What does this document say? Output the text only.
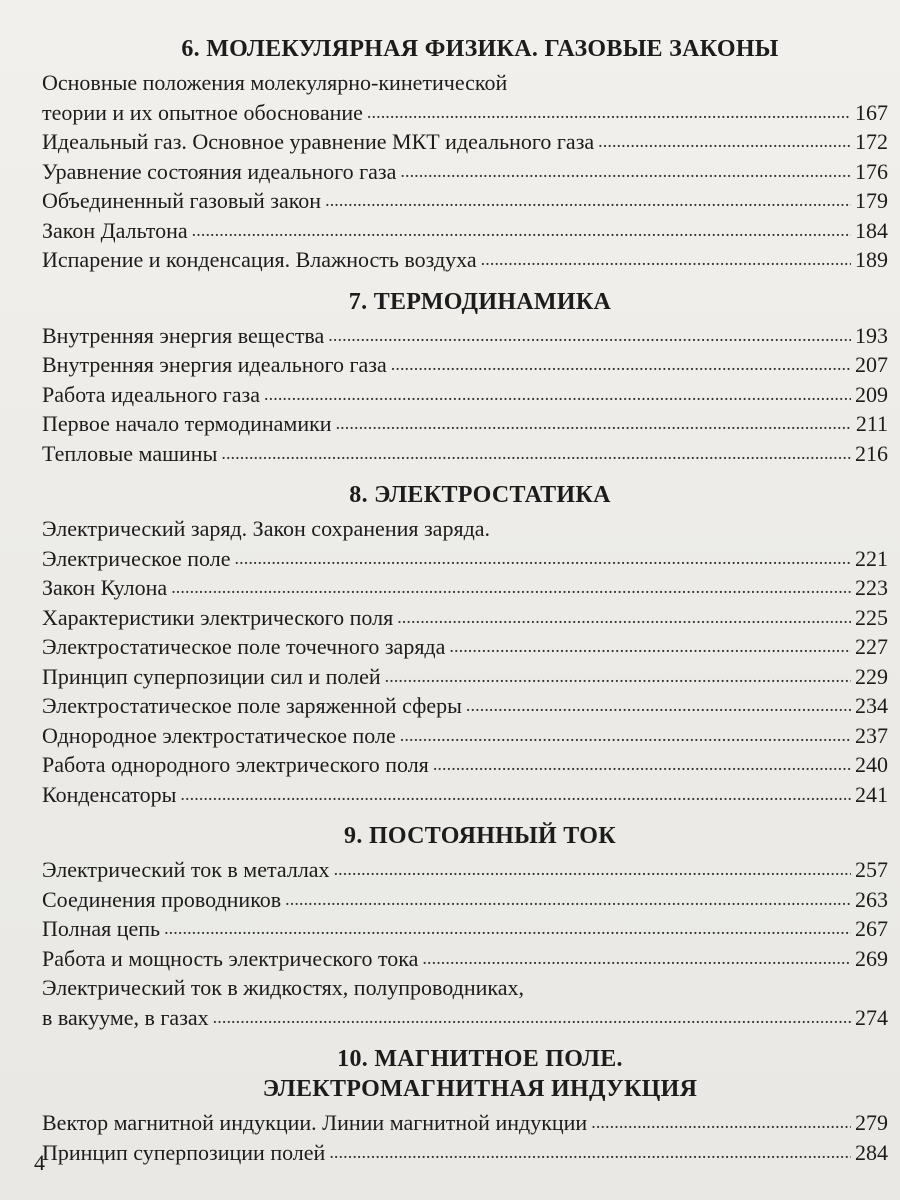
6. МОЛЕКУЛЯРНАЯ ФИЗИКА. ГАЗОВЫЕ ЗАКОНЫ
Основные положения молекулярно-кинетической
теории и их опытное обоснование . . .	167
Идеальный газ. Основное уравнение МКТ идеального газа . . .	172
Уравнение состояния идеального газа . . .	176
Объединенный газовый закон . . .	179
Закон Дальтона . . .	184
Испарение и конденсация. Влажность воздуха . . .	189
7. ТЕРМОДИНАМИКА
Внутренняя энергия вещества . . .	193
Внутренняя энергия идеального газа . . .	207
Работа идеального газа . . .	209
Первое начало термодинамики . . .	211
Тепловые машины . . .	216
8. ЭЛЕКТРОСТАТИКА
Электрический заряд. Закон сохранения заряда.
Электрическое поле . . .	221
Закон Кулона . . .	223
Характеристики электрического поля . . .	225
Электростатическое поле точечного заряда . . .	227
Принцип суперпозиции сил и полей . . .	229
Электростатическое поле заряженной сферы . . .	234
Однородное электростатическое поле . . .	237
Работа однородного электрического поля . . .	240
Конденсаторы . . .	241
9. ПОСТОЯННЫЙ ТОК
Электрический ток в металлах . . .	257
Соединения проводников . . .	263
Полная цепь . . .	267
Работа и мощность электрического тока . . .	269
Электрический ток в жидкостях, полупроводниках,
в вакууме, в газах . . .	274
10. МАГНИТНОЕ ПОЛЕ.
ЭЛЕКТРОМАГНИТНАЯ ИНДУКЦИЯ
Вектор магнитной индукции. Линии магнитной индукции . . .	279
Принцип суперпозиции полей . . .	284
4
